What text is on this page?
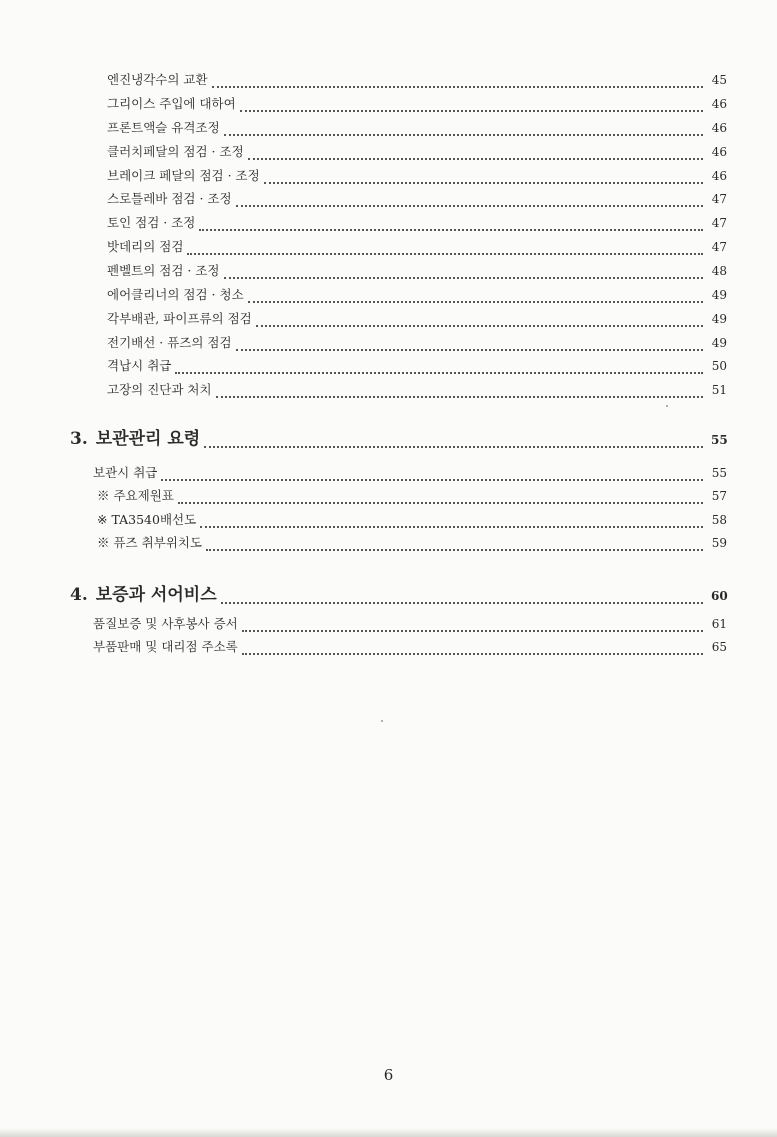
엔진냉각수의 교환	45
그리이스 주입에 대하여	46
프론트액슬 유격조정	46
클러치페달의 점검 · 조정	46
브레이크 페달의 점검 · 조정	46
스로틀레바 점검 · 조정	47
토인 점검 · 조정	47
밧데리의 점검	47
펜벨트의 점검 · 조정	48
에어클리너의 점검 · 청소	49
각부배관, 파이프류의 점검	49
전기배선 · 퓨즈의 점검	49
격납시 취급	50
고장의 진단과 처치	51
3. 보관관리 요령	55
보관시 취급	55
※ 주요제원표	57
※ TA3540배선도	58
※ 퓨즈 취부위치도	59
4. 보증과 서어비스	60
품질보증 및 사후봉사 증서	61
부품판매 및 대리점 주소록	65
6
